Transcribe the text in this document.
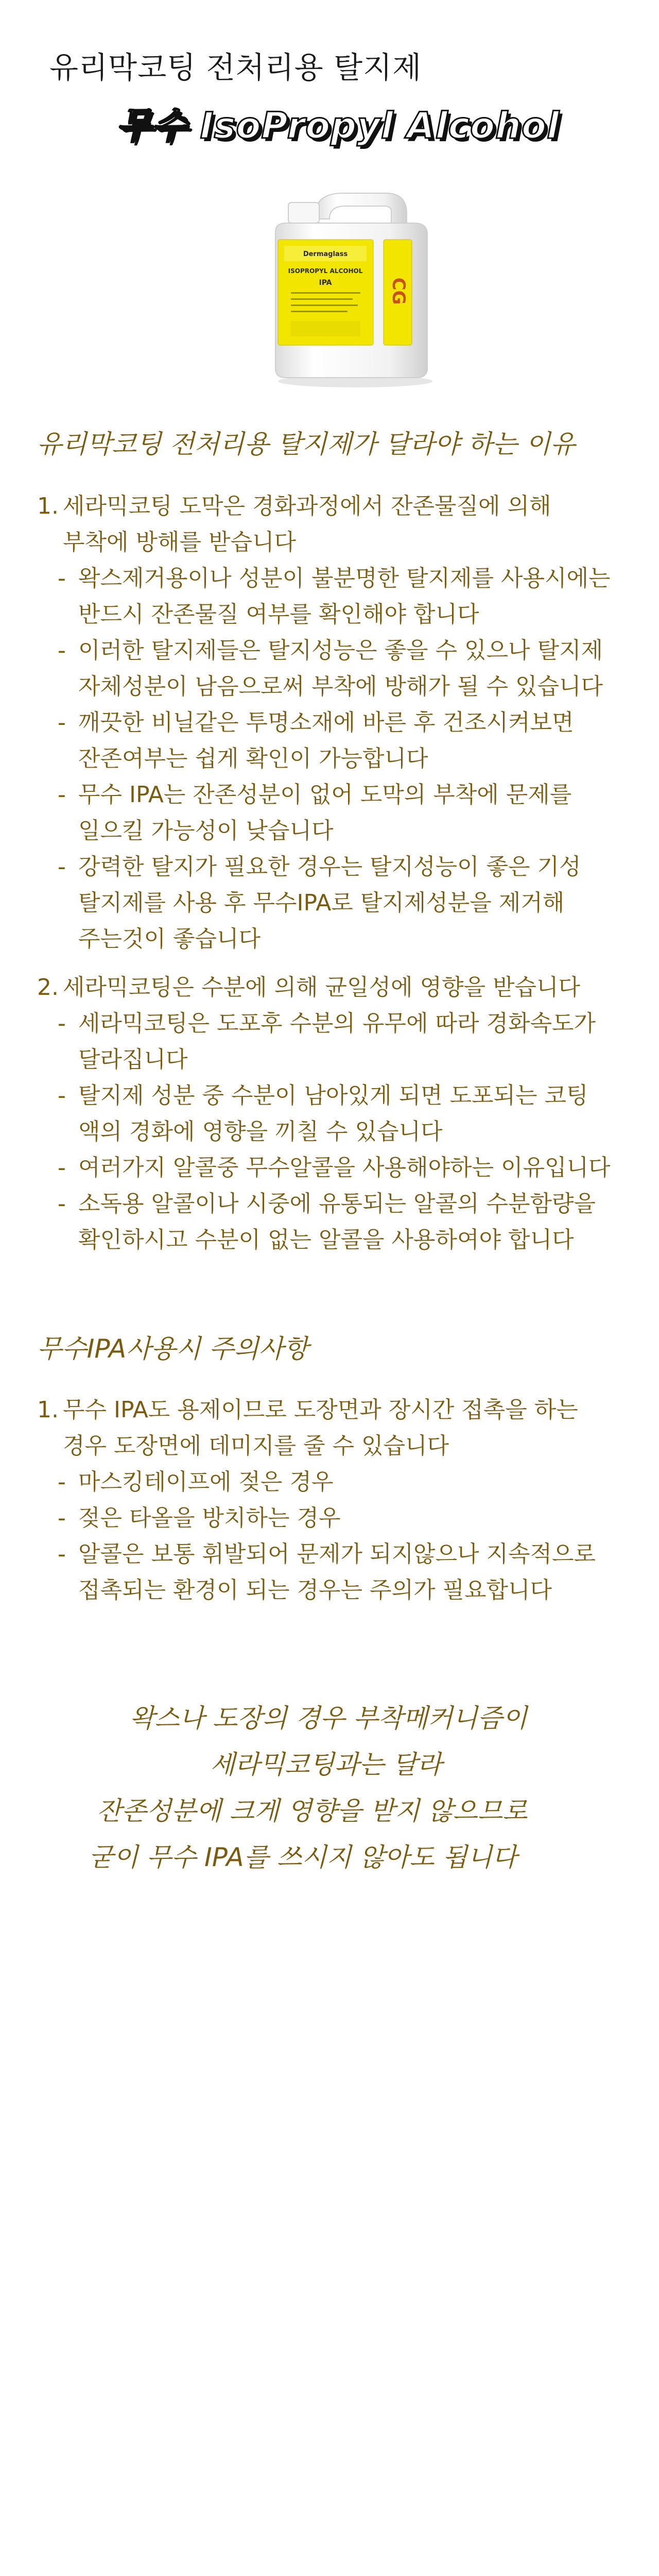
유리막코팅 전처리용 탈지제
무수 IsoPropyl Alcohol
Dermaglass
ISOPROPYL ALCOHOL
IPA	CG
유리막코팅 전처리용 탈지제가 달라야 하는 이유
1. 세라믹코팅 도막은 경화과정에서 잔존물질에 의해
부착에 방해를 받습니다
- 왁스제거용이나 성분이 불분명한 탈지제를 사용시에는
반드시 잔존물질 여부를 확인해야 합니다
- 이러한 탈지제들은 탈지성능은 좋을 수 있으나 탈지제
자체성분이 남음으로써 부착에 방해가 될 수 있습니다
- 깨끗한 비닐같은 투명소재에 바른 후 건조시켜보면
잔존여부는 쉽게 확인이 가능합니다
- 무수 IPA는 잔존성분이 없어 도막의 부착에 문제를
일으킬 가능성이 낮습니다
- 강력한 탈지가 필요한 경우는 탈지성능이 좋은 기성
탈지제를 사용 후 무수IPA로 탈지제성분을 제거해
주는것이 좋습니다
2. 세라믹코팅은 수분에 의해 균일성에 영향을 받습니다
- 세라믹코팅은 도포후 수분의 유무에 따라 경화속도가
달라집니다
- 탈지제 성분 중 수분이 남아있게 되면 도포되는 코팅
액의 경화에 영향을 끼칠 수 있습니다
- 여러가지 알콜중 무수알콜을 사용해야하는 이유입니다
- 소독용 알콜이나 시중에 유통되는 알콜의 수분함량을
확인하시고 수분이 없는 알콜을 사용하여야 합니다
무수IPA사용시 주의사항
1. 무수 IPA도 용제이므로 도장면과 장시간 접촉을 하는
경우 도장면에 데미지를 줄 수 있습니다
- 마스킹테이프에 젖은 경우
- 젖은 타올을 방치하는 경우
- 알콜은 보통 휘발되어 문제가 되지않으나 지속적으로
접촉되는 환경이 되는 경우는 주의가 필요합니다
왁스나 도장의 경우 부착메커니즘이
세라믹코팅과는 달라
잔존성분에 크게 영향을 받지 않으므로
굳이 무수 IPA를 쓰시지 않아도 됩니다
